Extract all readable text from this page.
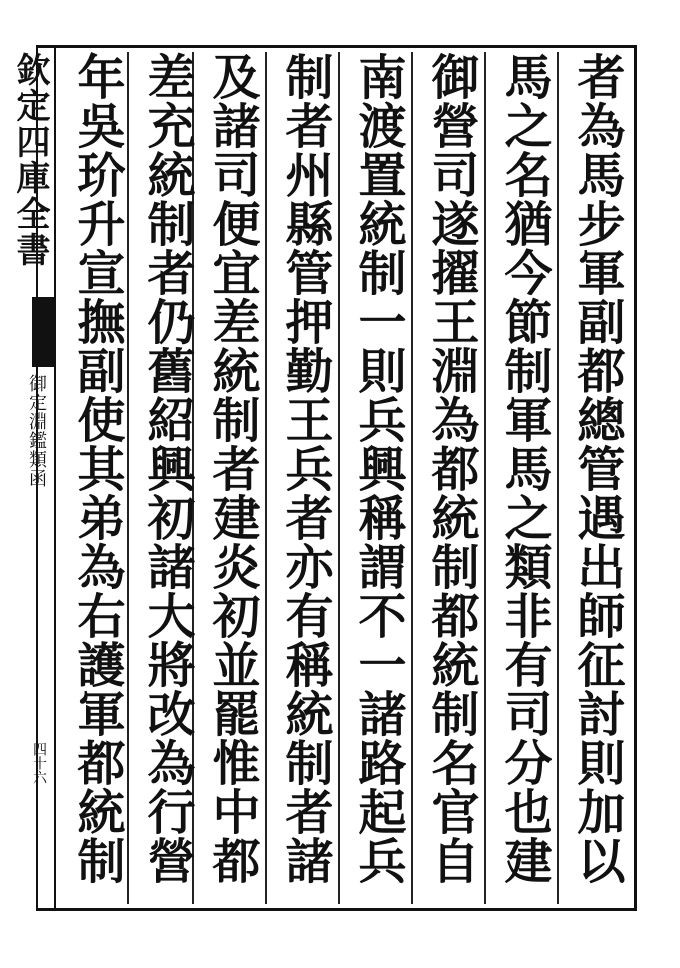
欽定四庫全書
御定淵鑑類函
四十六
者為馬步軍副都總管遇出師征討則加以
馬之名猶今節制軍馬之類非有司分也建
御營司遂擢王淵為都統制都統制名官自
南渡置統制一則兵興稱謂不一諸路起兵
制者州縣管押勤王兵者亦有稱統制者諸
及諸司便宜差統制者建炎初並罷惟中都
差充統制者仍舊紹興初諸大將改為行營
年吳玠升宣撫副使其弟為右護軍都統制
